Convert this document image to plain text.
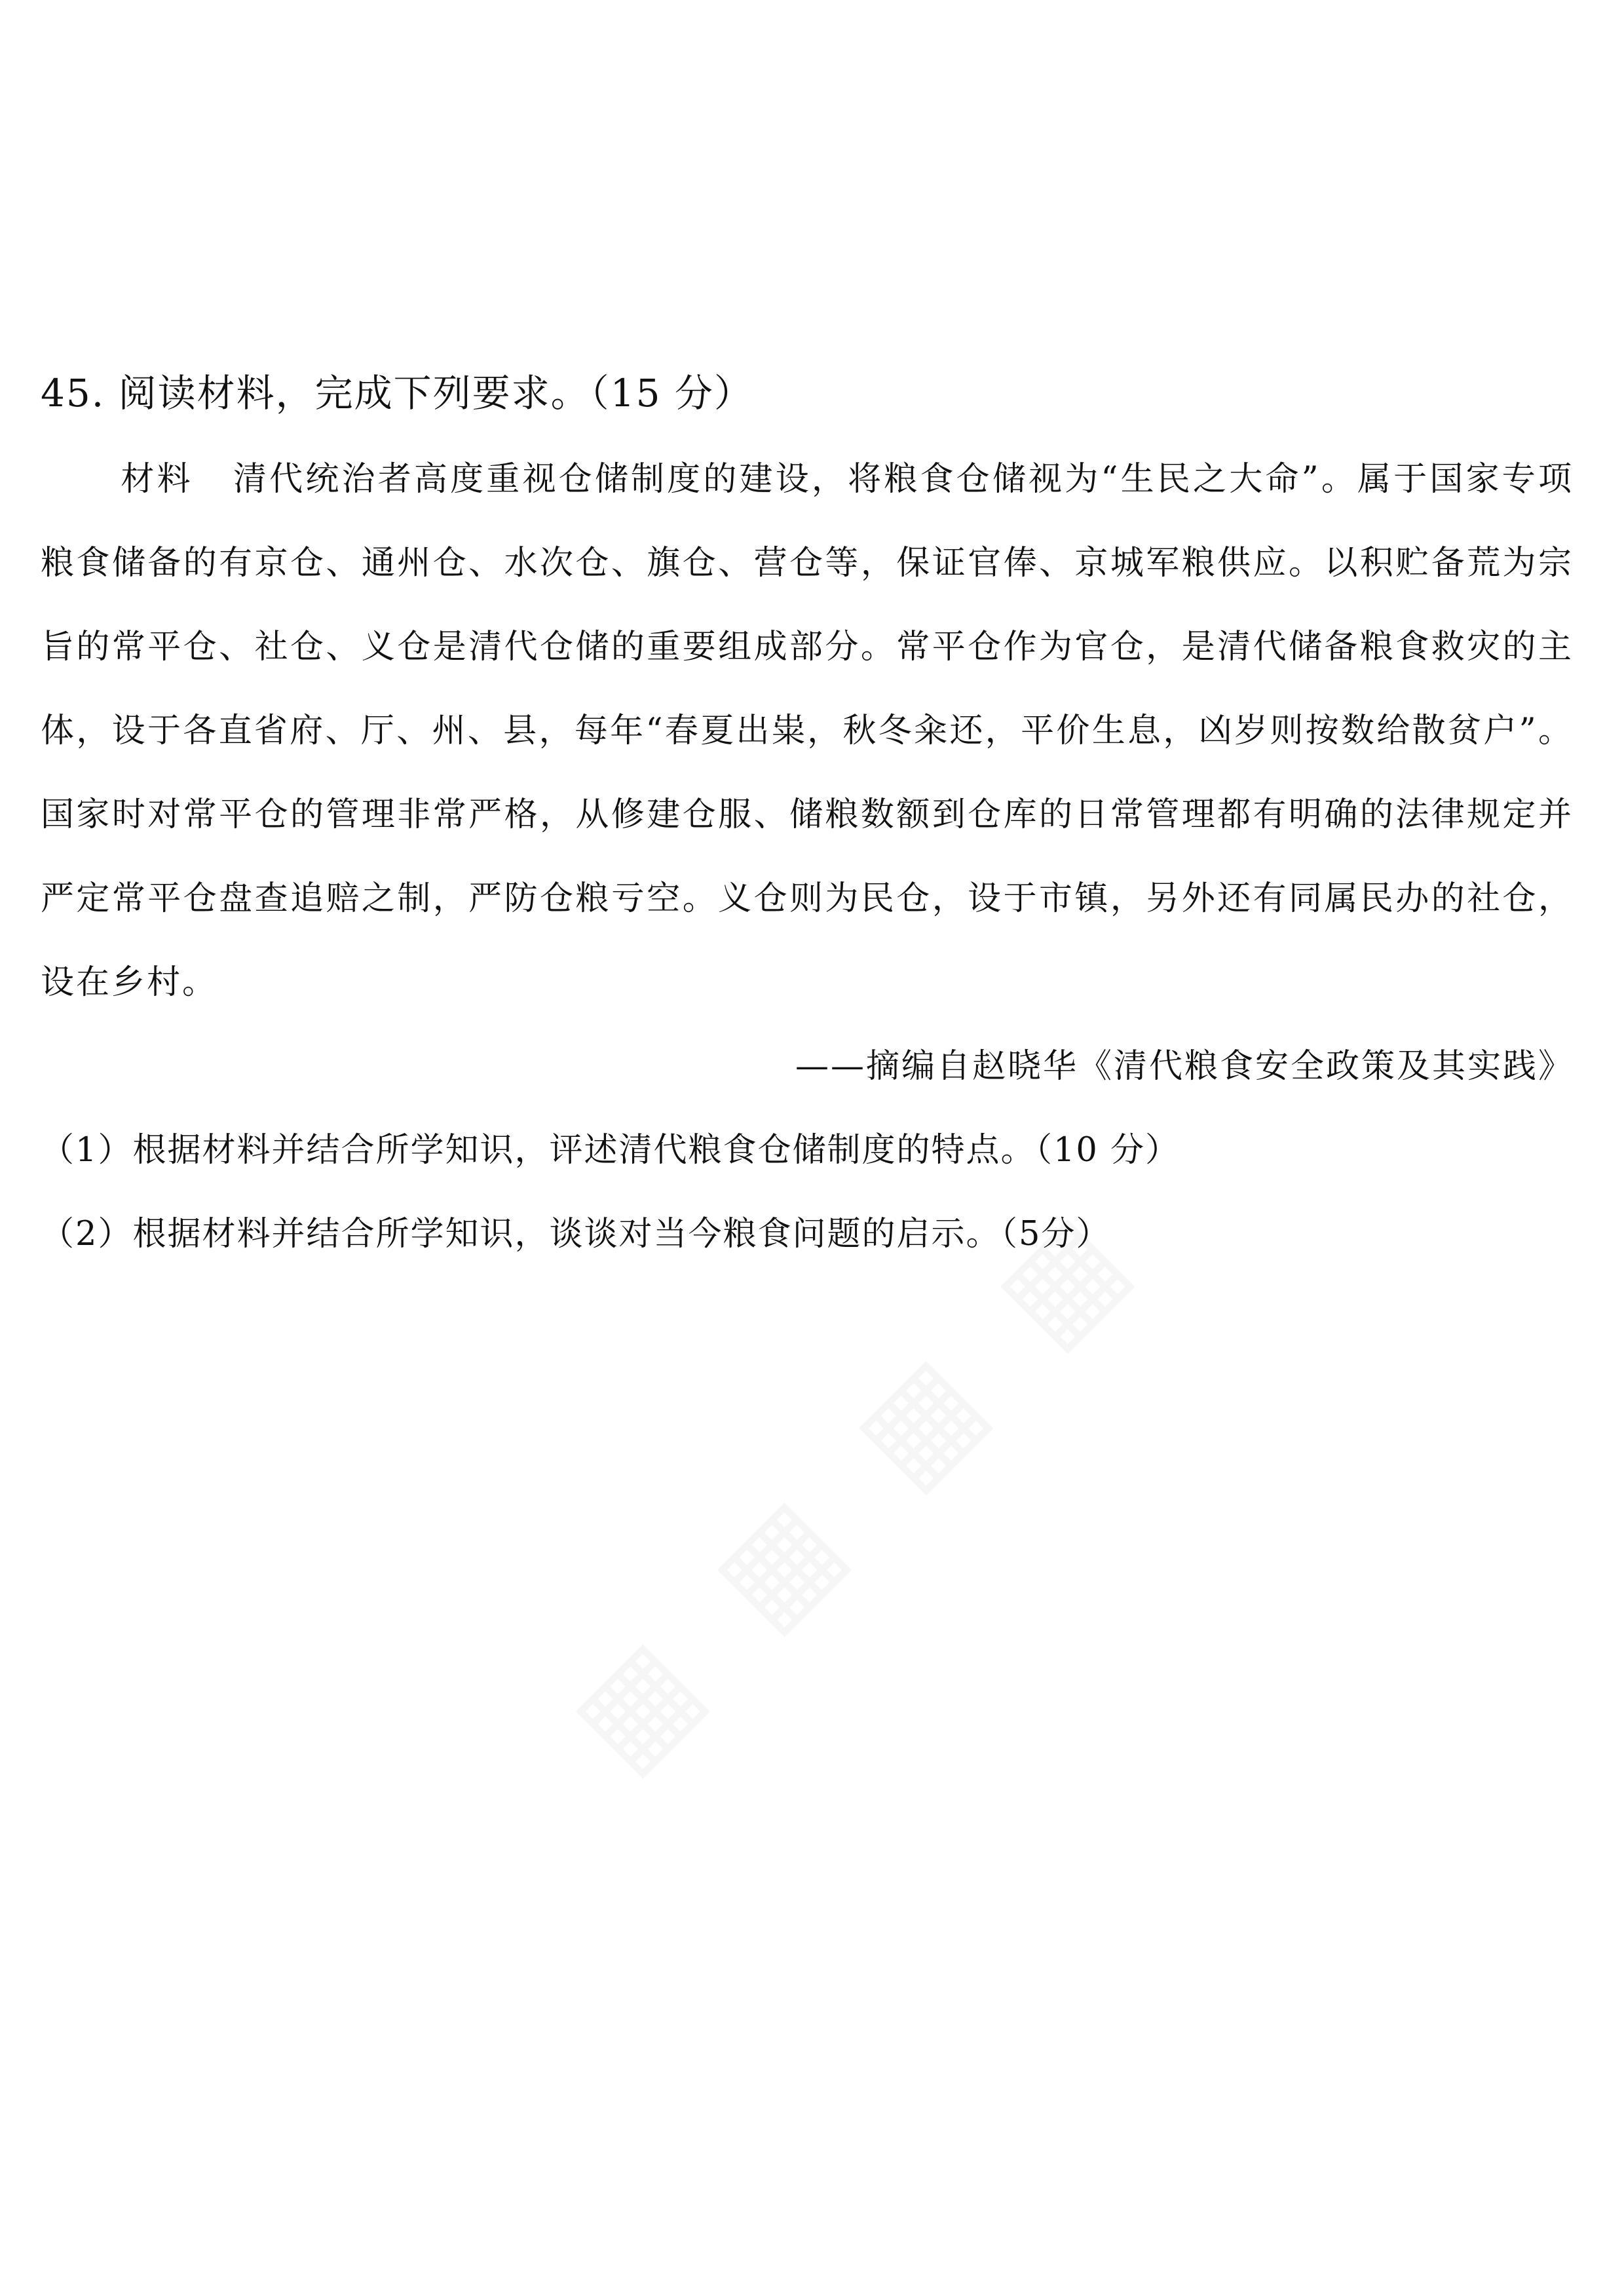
45. 阅读材料，完成下列要求。（15 分）

材料 清代统治者高度重视仓储制度的建设，将粮食仓储视为“生民之大命”。属于国家专项粮食储备的有京仓、通州仓、水次仓、旗仓、营仓等，保证官俸、京城军粮供应。以积贮备荒为宗旨的常平仓、社仓、义仓是清代仓储的重要组成部分。常平仓作为官仓，是清代储备粮食救灾的主体，设于各直省府、厅、州、县，每年“春夏出粜，秋冬籴还，平价生息，凶岁则按数给散贫户”。国家时对常平仓的管理非常严格，从修建仓服、储粮数额到仓库的日常管理都有明确的法律规定并严定常平仓盘查追赔之制，严防仓粮亏空。义仓则为民仓，设于市镇，另外还有同属民办的社仓，设在乡村。

——摘编自赵晓华《清代粮食安全政策及其实践》

（1）根据材料并结合所学知识，评述清代粮食仓储制度的特点。（10 分）

（2）根据材料并结合所学知识，谈谈对当今粮食问题的启示。（5分）
